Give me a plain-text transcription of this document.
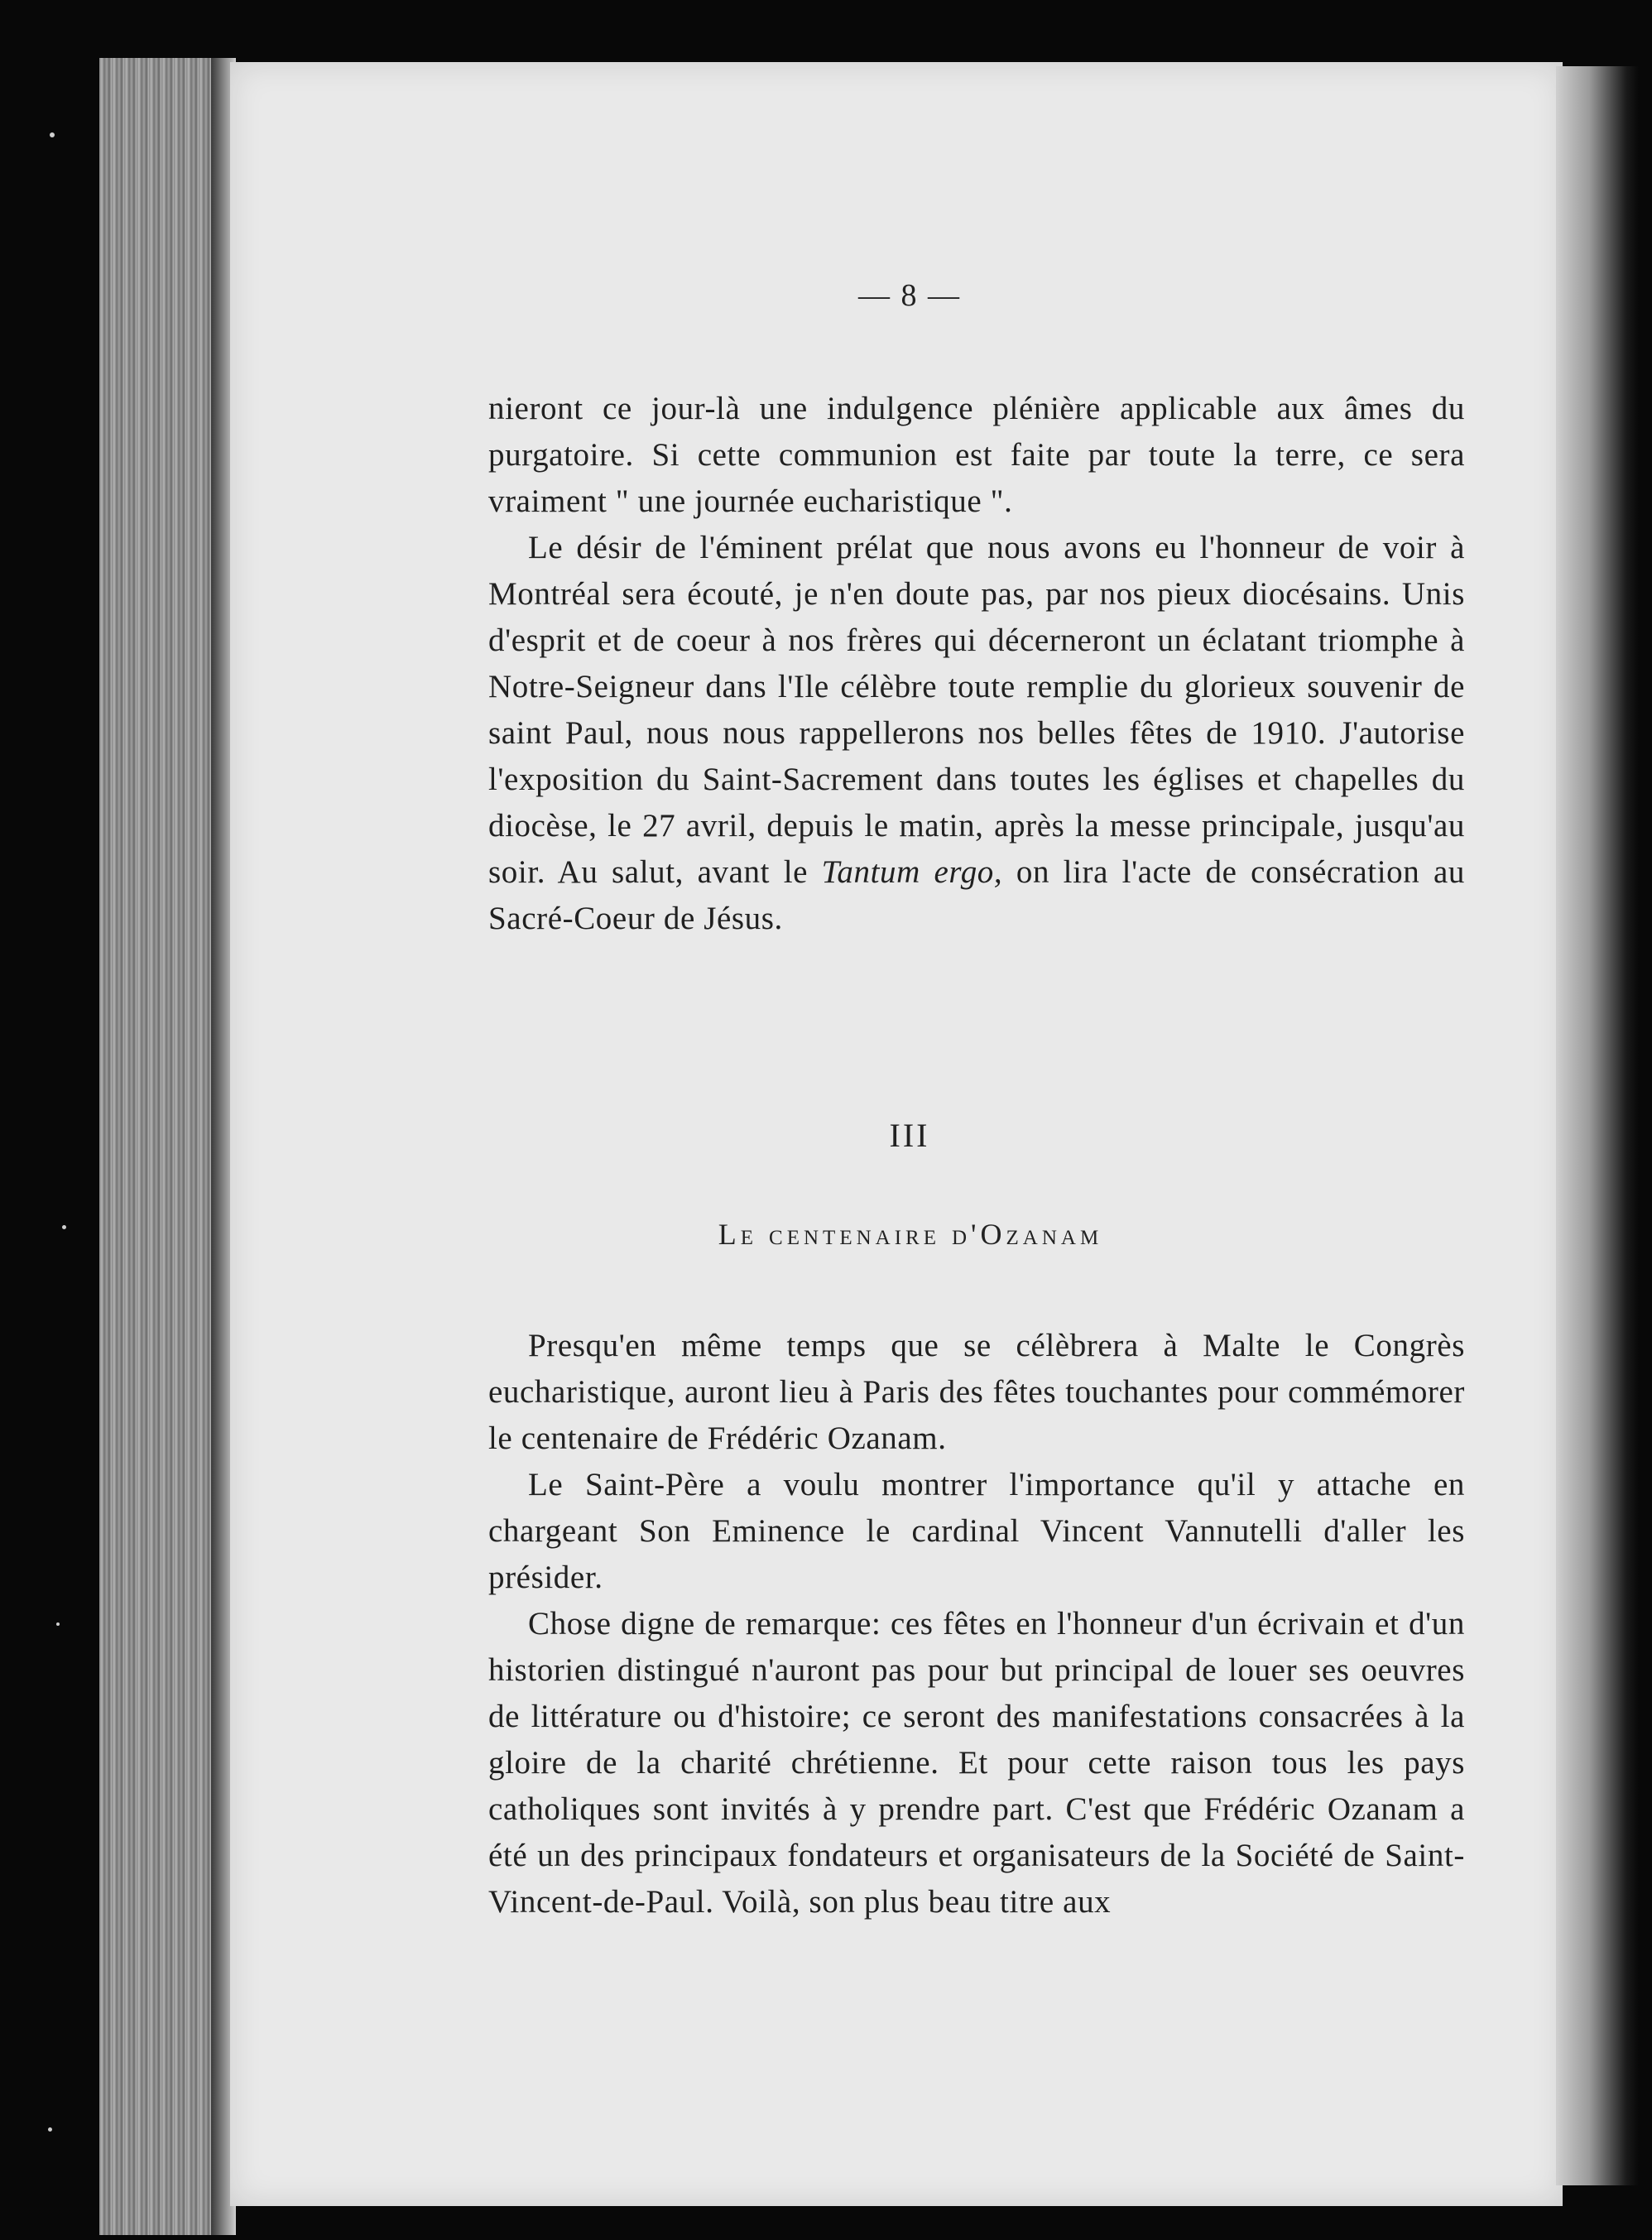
— 8 —

nieront ce jour-là une indulgence plénière applicable aux âmes du purgatoire. Si cette communion est faite par toute la terre, ce sera vraiment " une journée eucharistique ".

Le désir de l'éminent prélat que nous avons eu l'honneur de voir à Montréal sera écouté, je n'en doute pas, par nos pieux diocésains. Unis d'esprit et de coeur à nos frères qui décerneront un éclatant triomphe à Notre-Seigneur dans l'Ile célèbre toute remplie du glorieux souvenir de saint Paul, nous nous rappellerons nos belles fêtes de 1910. J'autorise l'exposition du Saint-Sacrement dans toutes les églises et chapelles du diocèse, le 27 avril, depuis le matin, après la messe principale, jusqu'au soir. Au salut, avant le Tantum ergo, on lira l'acte de consécration au Sacré-Coeur de Jésus.

III
Le centenaire d'Ozanam

Presqu'en même temps que se célèbrera à Malte le Congrès eucharistique, auront lieu à Paris des fêtes touchantes pour commémorer le centenaire de Frédéric Ozanam.

Le Saint-Père a voulu montrer l'importance qu'il y attache en chargeant Son Eminence le cardinal Vincent Vannutelli d'aller les présider.

Chose digne de remarque: ces fêtes en l'honneur d'un écrivain et d'un historien distingué n'auront pas pour but principal de louer ses oeuvres de littérature ou d'histoire; ce seront des manifestations consacrées à la gloire de la charité chrétienne. Et pour cette raison tous les pays catholiques sont invités à y prendre part. C'est que Frédéric Ozanam a été un des principaux fondateurs et organisateurs de la Société de Saint-Vincent-de-Paul. Voilà, son plus beau titre aux
